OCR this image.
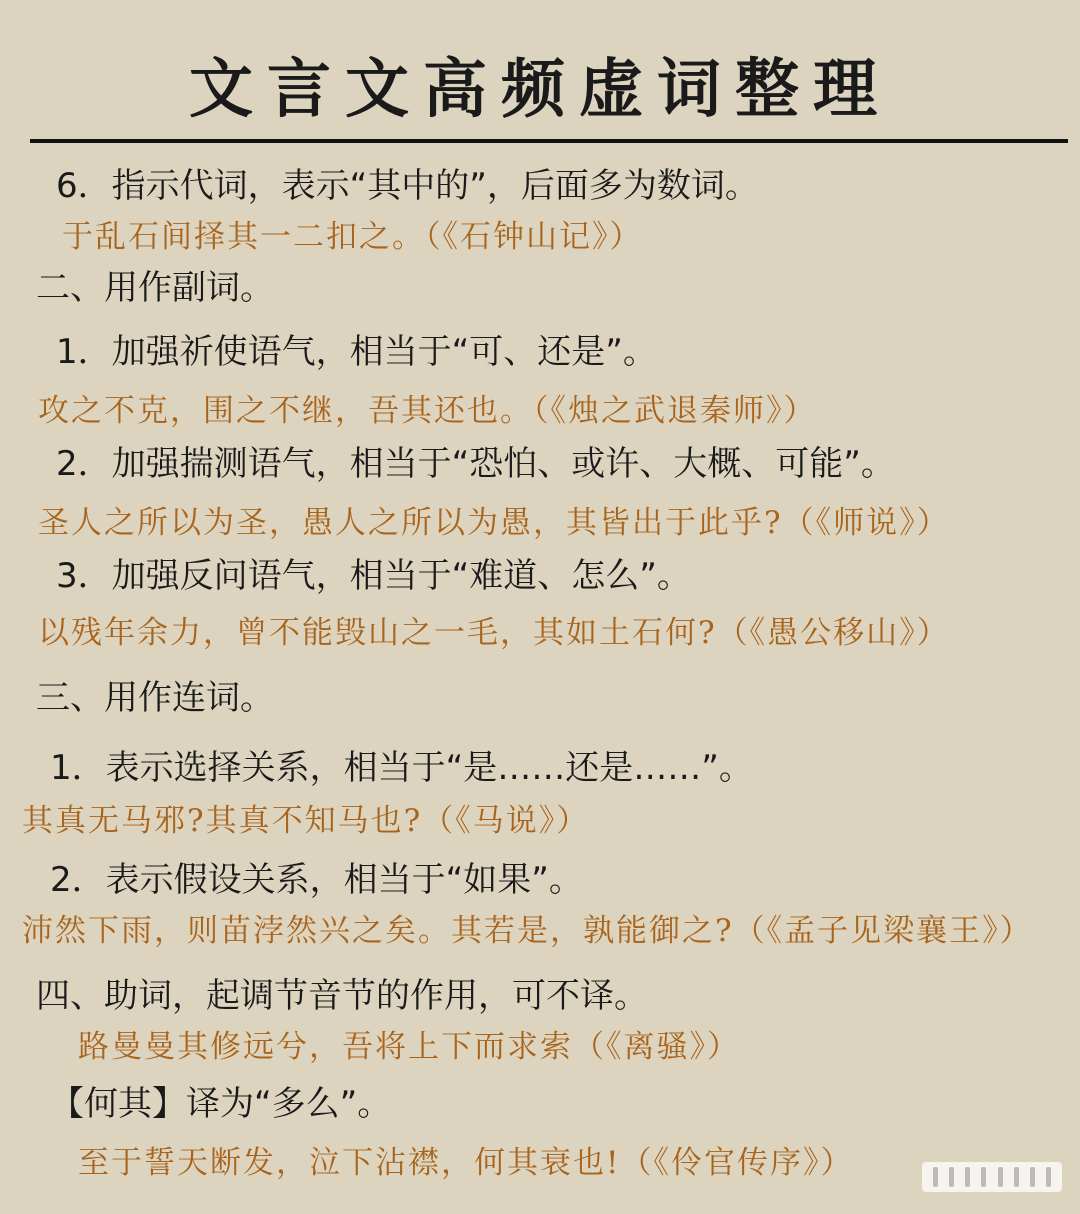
文言文高频虚词整理
6．指示代词，表示“其中的”，后面多为数词。
于乱石间择其一二扣之。（《石钟山记》）
二、用作副词。
1．加强祈使语气，相当于“可、还是”。
攻之不克，围之不继，吾其还也。（《烛之武退秦师》）
2．加强揣测语气，相当于“恐怕、或许、大概、可能”。
圣人之所以为圣，愚人之所以为愚，其皆出于此乎?（《师说》）
3．加强反问语气，相当于“难道、怎么”。
以残年余力，曾不能毁山之一毛，其如土石何?（《愚公移山》）
三、用作连词。
1．表示选择关系，相当于“是……还是……”。
其真无马邪?其真不知马也?（《马说》）
2．表示假设关系，相当于“如果”。
沛然下雨，则苗浡然兴之矣。其若是，孰能御之?（《孟子见梁襄王》）
四、助词，起调节音节的作用，可不译。
路曼曼其修远兮，吾将上下而求索（《离骚》）
【何其】译为“多么”。
至于誓天断发，泣下沾襟，何其衰也!（《伶官传序》）
